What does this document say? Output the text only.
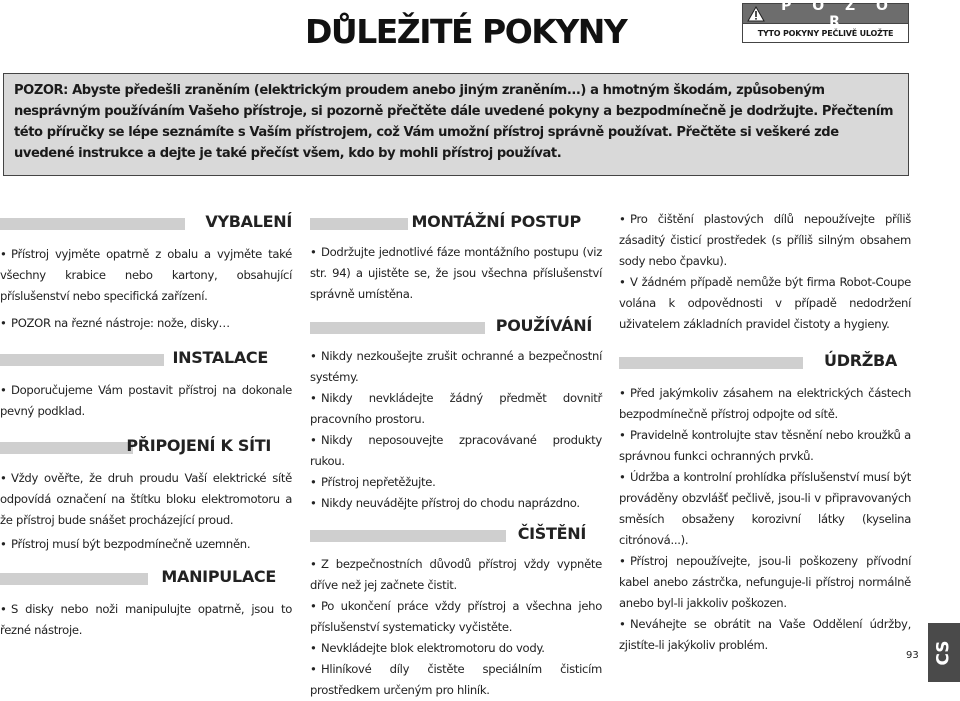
DŮLEŽITÉ POKYNY
P O Z O R
TYTO POKYNY PEČLIVĚ ULOŽTE

POZOR: Abyste předešli zraněním (elektrickým proudem anebo jiným zraněním...) a hmotným škodám, způsobeným nesprávným používáním Vašeho přístroje, si pozorně přečtěte dále uvedené pokyny a bezpodmínečně je dodržujte. Přečtením této příručky se lépe seznámíte s Vaším přístrojem, což Vám umožní přístroj správně používat. Přečtěte si veškeré zde uvedené instrukce a dejte je také přečíst všem, kdo by mohli přístroj používat.

VYBALENÍ

• Přístroj vyjměte opatrně z obalu a vyjměte také všechny krabice nebo kartony, obsahující příslušenství nebo specifická zařízení.

• POZOR na řezné nástroje: nože, disky…

INSTALACE

• Doporučujeme Vám postavit přístroj na dokonale pevný podklad.

PŘIPOJENÍ K SÍTI

• Vždy ověřte, že druh proudu Vaší elektrické sítě odpovídá označení na štítku bloku elektromotoru a že přístroj bude snášet procházející proud.

• Přístroj musí být bezpodmínečně uzemněn.

MANIPULACE

• S disky nebo noži manipulujte opatrně, jsou to řezné nástroje.

MONTÁŽNÍ POSTUP

• Dodržujte jednotlivé fáze montážního postupu (viz str. 94) a ujistěte se, že jsou všechna příslušenství správně umístěna.

POUŽÍVÁNÍ

• Nikdy nezkoušejte zrušit ochranné a bezpečnostní systémy.

• Nikdy nevkládejte žádný předmět dovnitř pracovního prostoru.

• Nikdy neposouvejte zpracovávané produkty rukou.

• Přístroj nepřetěžujte.

• Nikdy neuvádějte přístroj do chodu naprázdno.

ČIŠTĚNÍ

• Z bezpečnostních důvodů přístroj vždy vypněte dříve než jej začnete čistit.

• Po ukončení práce vždy přístroj a všechna jeho příslušenství systematicky vyčistěte.

• Nevkládejte blok elektromotoru do vody.

• Hliníkové díly čistěte speciálním čisticím prostředkem určeným pro hliník.

• Pro čištění plastových dílů nepoužívejte příliš zásaditý čisticí prostředek (s příliš silným obsahem sody nebo čpavku).

• V žádném případě nemůže být firma Robot-Coupe volána k odpovědnosti v případě nedodržení uživatelem základních pravidel čistoty a hygieny.

ÚDRŽBA

• Před jakýmkoliv zásahem na elektrických částech bezpodmínečně přístroj odpojte od sítě.

• Pravidelně kontrolujte stav těsnění nebo kroužků a správnou funkci ochranných prvků.

• Údržba a kontrolní prohlídka příslušenství musí být prováděny obzvlášť pečlivě, jsou-li v připravovaných směsích obsaženy korozivní látky (kyselina citrónová...).

• Přístroj nepoužívejte, jsou-li poškozeny přívodní kabel anebo zástrčka, nefunguje-li přístroj normálně anebo byl-li jakkoliv poškozen.

• Neváhejte se obrátit na Vaše Oddělení údržby, zjistíte-li jakýkoliv problém.

93 CS
